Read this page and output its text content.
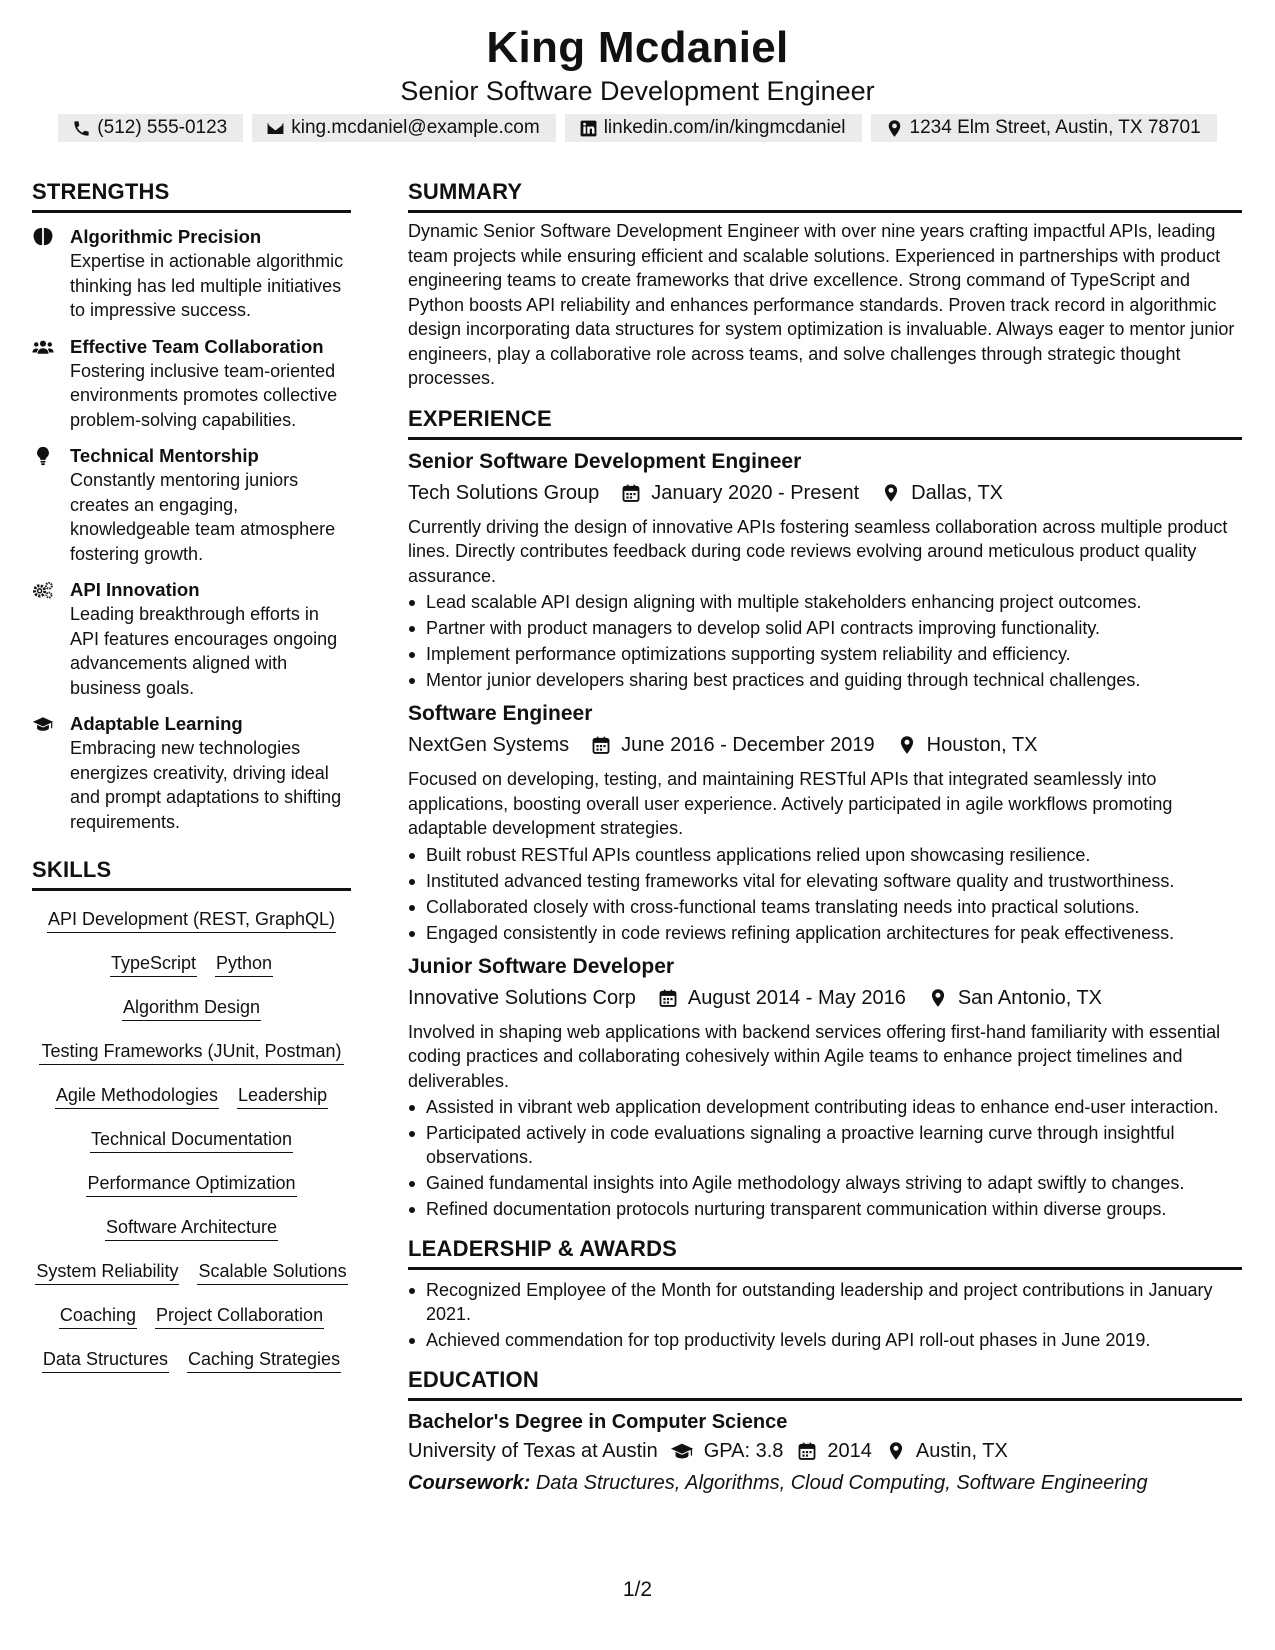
King Mcdaniel
Senior Software Development Engineer
(512) 555-0123	king.mcdaniel@example.com	linkedin.com/in/kingmcdaniel	1234 Elm Street, Austin, TX 78701
STRENGTHS
Algorithmic Precision
Expertise in actionable algorithmic thinking has led multiple initiatives to impressive success.
Effective Team Collaboration
Fostering inclusive team-oriented environments promotes collective problem-solving capabilities.
Technical Mentorship
Constantly mentoring juniors creates an engaging, knowledgeable team atmosphere fostering growth.
API Innovation
Leading breakthrough efforts in API features encourages ongoing advancements aligned with business goals.
Adaptable Learning
Embracing new technologies energizes creativity, driving ideal and prompt adaptations to shifting requirements.
SKILLS
API Development (REST, GraphQL)
TypeScript Python
Algorithm Design
Testing Frameworks (JUnit, Postman)
Agile Methodologies Leadership
Technical Documentation
Performance Optimization
Software Architecture
System Reliability Scalable Solutions
Coaching Project Collaboration
Data Structures Caching Strategies
SUMMARY
Dynamic Senior Software Development Engineer with over nine years crafting impactful APIs, leading team projects while ensuring efficient and scalable solutions. Experienced in partnerships with product engineering teams to create frameworks that drive excellence. Strong command of TypeScript and Python boosts API reliability and enhances performance standards. Proven track record in algorithmic design incorporating data structures for system optimization is invaluable. Always eager to mentor junior engineers, play a collaborative role across teams, and solve challenges through strategic thought processes.
EXPERIENCE
Senior Software Development Engineer
Tech Solutions Group	January 2020 - Present	Dallas, TX
Currently driving the design of innovative APIs fostering seamless collaboration across multiple product lines. Directly contributes feedback during code reviews evolving around meticulous product quality assurance.
Lead scalable API design aligning with multiple stakeholders enhancing project outcomes.
Partner with product managers to develop solid API contracts improving functionality.
Implement performance optimizations supporting system reliability and efficiency.
Mentor junior developers sharing best practices and guiding through technical challenges.
Software Engineer
NextGen Systems	June 2016 - December 2019	Houston, TX
Focused on developing, testing, and maintaining RESTful APIs that integrated seamlessly into applications, boosting overall user experience. Actively participated in agile workflows promoting adaptable development strategies.
Built robust RESTful APIs countless applications relied upon showcasing resilience.
Instituted advanced testing frameworks vital for elevating software quality and trustworthiness.
Collaborated closely with cross-functional teams translating needs into practical solutions.
Engaged consistently in code reviews refining application architectures for peak effectiveness.
Junior Software Developer
Innovative Solutions Corp	August 2014 - May 2016	San Antonio, TX
Involved in shaping web applications with backend services offering first-hand familiarity with essential coding practices and collaborating cohesively within Agile teams to enhance project timelines and deliverables.
Assisted in vibrant web application development contributing ideas to enhance end-user interaction.
Participated actively in code evaluations signaling a proactive learning curve through insightful observations.
Gained fundamental insights into Agile methodology always striving to adapt swiftly to changes.
Refined documentation protocols nurturing transparent communication within diverse groups.
LEADERSHIP & AWARDS
Recognized Employee of the Month for outstanding leadership and project contributions in January 2021.
Achieved commendation for top productivity levels during API roll-out phases in June 2019.
EDUCATION
Bachelor's Degree in Computer Science
University of Texas at Austin GPA: 3.8 2014 Austin, TX
Coursework: Data Structures, Algorithms, Cloud Computing, Software Engineering
1/2
